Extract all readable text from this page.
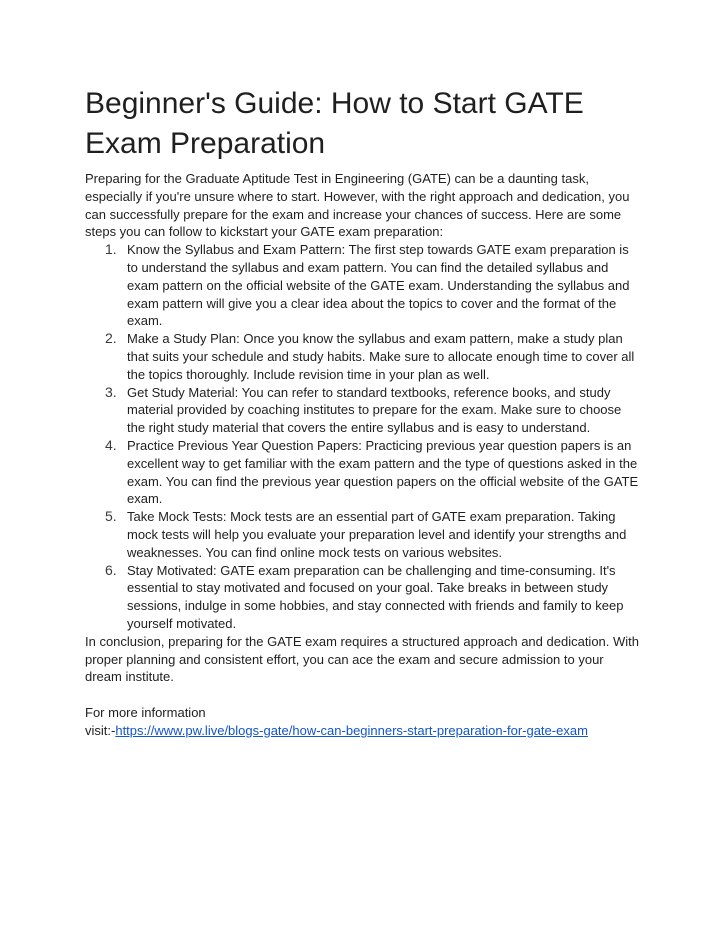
Beginner's Guide: How to Start GATE Exam Preparation

Preparing for the Graduate Aptitude Test in Engineering (GATE) can be a daunting task, especially if you're unsure where to start. However, with the right approach and dedication, you can successfully prepare for the exam and increase your chances of success. Here are some steps you can follow to kickstart your GATE exam preparation:

1. Know the Syllabus and Exam Pattern: The first step towards GATE exam preparation is to understand the syllabus and exam pattern. You can find the detailed syllabus and exam pattern on the official website of the GATE exam. Understanding the syllabus and exam pattern will give you a clear idea about the topics to cover and the format of the exam.
2. Make a Study Plan: Once you know the syllabus and exam pattern, make a study plan that suits your schedule and study habits. Make sure to allocate enough time to cover all the topics thoroughly. Include revision time in your plan as well.
3. Get Study Material: You can refer to standard textbooks, reference books, and study material provided by coaching institutes to prepare for the exam. Make sure to choose the right study material that covers the entire syllabus and is easy to understand.
4. Practice Previous Year Question Papers: Practicing previous year question papers is an excellent way to get familiar with the exam pattern and the type of questions asked in the exam. You can find the previous year question papers on the official website of the GATE exam.
5. Take Mock Tests: Mock tests are an essential part of GATE exam preparation. Taking mock tests will help you evaluate your preparation level and identify your strengths and weaknesses. You can find online mock tests on various websites.
6. Stay Motivated: GATE exam preparation can be challenging and time-consuming. It's essential to stay motivated and focused on your goal. Take breaks in between study sessions, indulge in some hobbies, and stay connected with friends and family to keep yourself motivated.

In conclusion, preparing for the GATE exam requires a structured approach and dedication. With proper planning and consistent effort, you can ace the exam and secure admission to your dream institute.

For more information

visit:-https://www.pw.live/blogs-gate/how-can-beginners-start-preparation-for-gate-exam
